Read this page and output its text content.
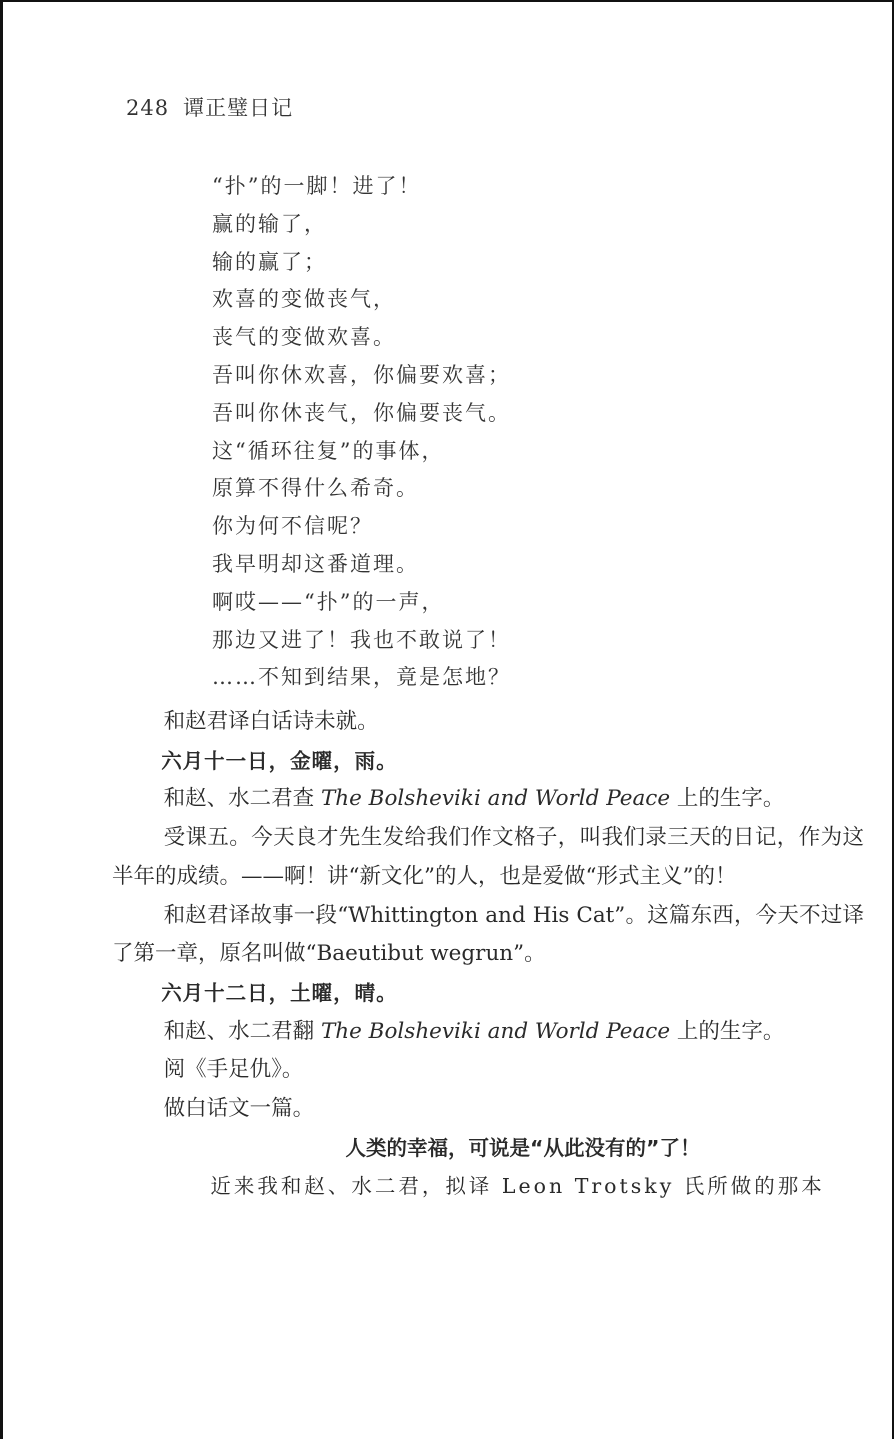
248 谭正璧日记
“扑”的一脚！进了！
赢的输了，
输的赢了；
欢喜的变做丧气，
丧气的变做欢喜。
吾叫你休欢喜，你偏要欢喜；
吾叫你休丧气，你偏要丧气。
这“循环往复”的事体，
原算不得什么希奇。
你为何不信呢？
我早明却这番道理。
啊哎——“扑”的一声，
那边又进了！我也不敢说了！
……不知到结果，竟是怎地？

和赵君译白话诗未就。

六月十一日，金曜，雨。

和赵、水二君查 The Bolsheviki and World Peace 上的生字。

受课五。今天良才先生发给我们作文格子，叫我们录三天的日记，作为这半年的成绩。——啊！讲“新文化”的人，也是爱做“形式主义”的！

和赵君译故事一段“Whittington and His Cat”。这篇东西，今天不过译了第一章，原名叫做“Baeutibut wegrun”。

六月十二日，土曜，晴。

和赵、水二君翻 The Bolsheviki and World Peace 上的生字。

阅《手足仇》。

做白话文一篇。

人类的幸福，可说是“从此没有的”了！

近来我和赵、水二君，拟译 Leon Trotsky 氏所做的那本
